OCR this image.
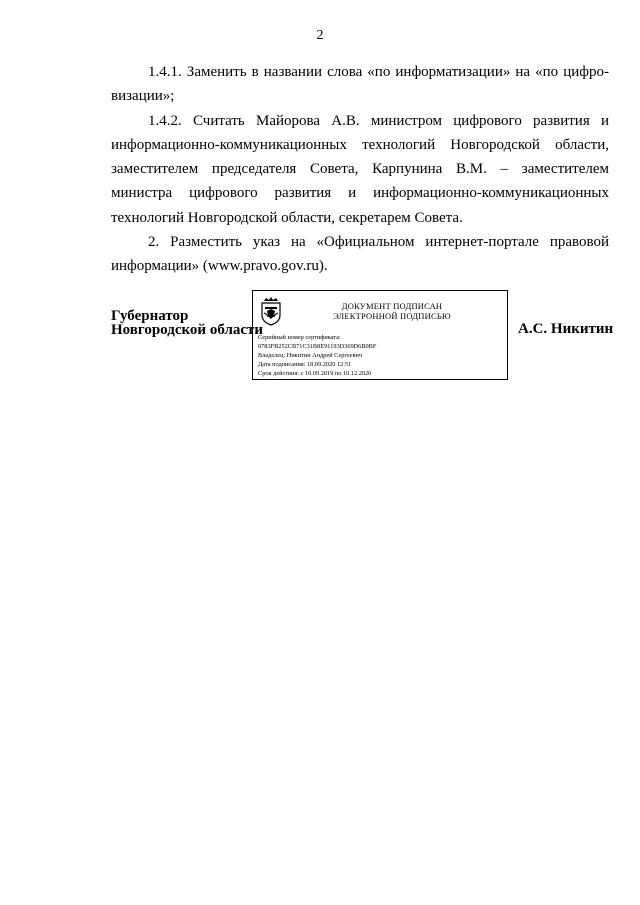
2

1.4.1. Заменить в названии слова «по информатизации» на «по цифро-

визации»;

1.4.2. Считать Майорова А.В. министром цифрового развития и информационно-коммуникационных технологий Новгородской области, заместителем председателя Совета, Карпунина В.М. – заместителем министра цифрового развития и информационно-коммуникационных технологий Новгородской области, секретарем Совета.

2. Разместить указ на «Официальном интернет-портале правовой информации» (www.pravo.gov.ru).

Губернатор
Новгородской области
ДОКУМЕНТ ПОДПИСАН
ЭЛЕКТРОННОЙ ПОДПИСЬЮ
Серийный номер сертификата:
0783FB252CB71C31B8E91193D369D6B0BF
Владелец: Никитин Андрей Сергеевич
Дата подписания: 18.09.2020 12:51
Срок действия: с 10.09.2019 по 10.12.2020
А.С. Никитин
